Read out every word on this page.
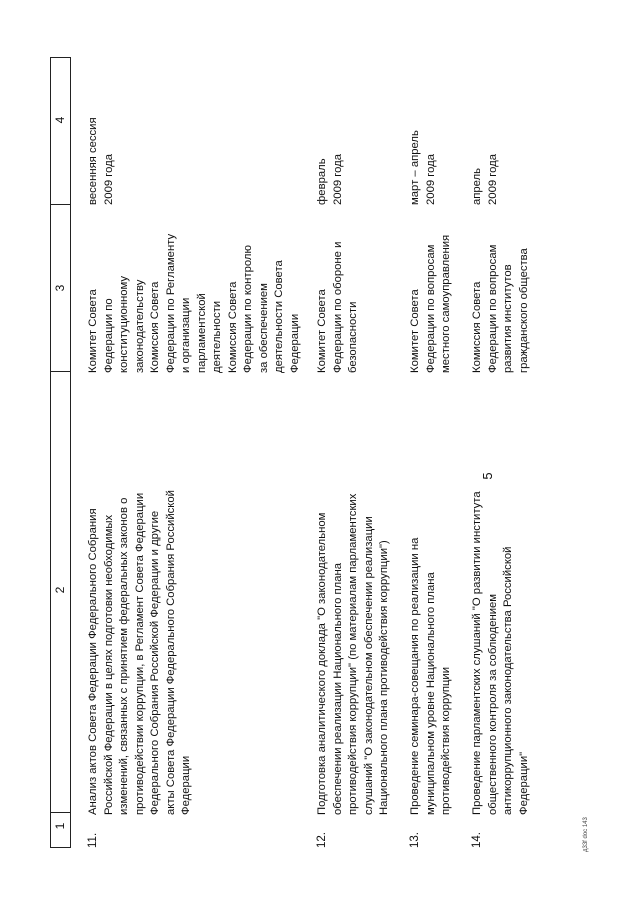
5
1
2
3
4
11.
Анализ актов Совета Федерации Федерального Собрания
Российской Федерации в целях подготовки необходимых
изменений, связанных с принятием федеральных законов о
противодействии коррупции, в Регламент Совета Федерации
Федерального Собрания Российской Федерации и другие
акты Совета Федерации Федерального Собрания Российской
Федерации
Комитет Совета
Федерации по
конституционному
законодательству
Комиссия Совета
Федерации по Регламенту
и организации
парламентской
деятельности
Комиссия Совета
Федерации по контролю
за обеспечением
деятельности Совета
Федерации
весенняя сессия
2009 года
12.
Подготовка аналитического доклада "О законодательном
обеспечении реализации Национального плана
противодействия коррупции" (по материалам парламентских
слушаний "О законодательном обеспечении реализации
Национального плана противодействия коррупции")
Комитет Совета
Федерации по обороне и
безопасности
февраль
2009 года
13.
Проведение семинара-совещания по реализации на
муниципальном уровне Национального плана
противодействия коррупции
Комитет Совета
Федерации по вопросам
местного самоуправления
март – апрель
2009 года
14.
Проведение парламентских слушаний "О развитии института
общественного контроля за соблюдением
антикоррупционного законодательства Российской
Федерации"
Комиссия Совета
Федерации по вопросам
развития институтов
гражданского общества
апрель
2009 года
д33f doc 143
